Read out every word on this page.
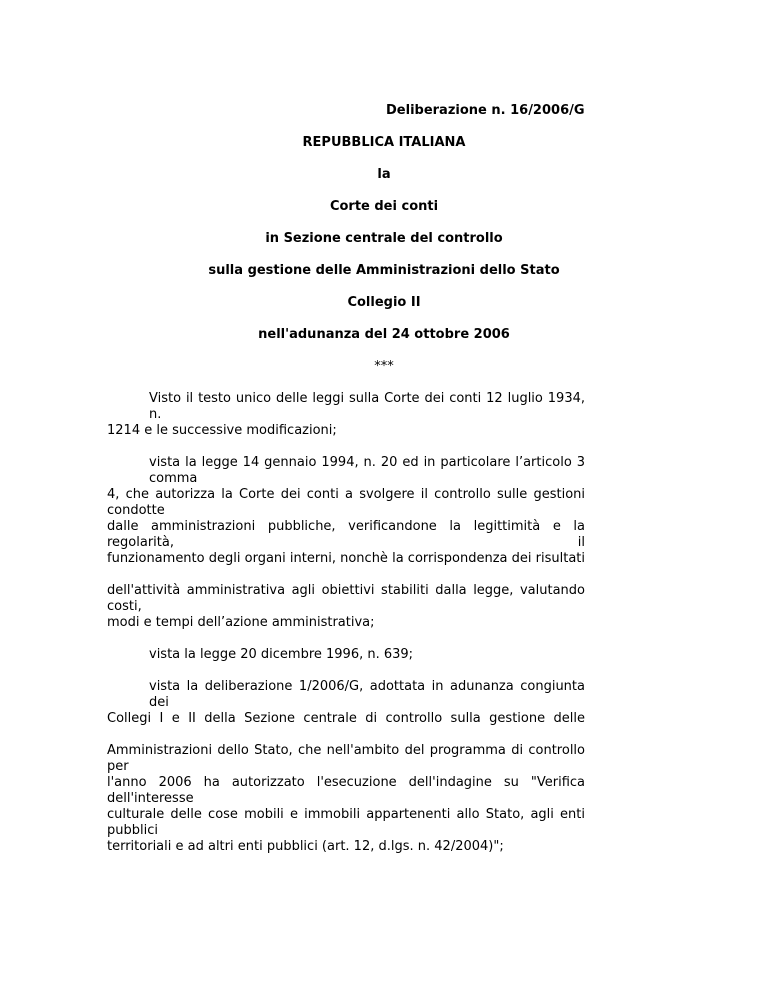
Deliberazione n. 16/2006/G
REPUBBLICA ITALIANA
la
Corte dei conti
in Sezione centrale del controllo
sulla gestione delle Amministrazioni dello Stato
Collegio II
nell'adunanza del 24 ottobre 2006
***
Visto il testo unico delle leggi sulla Corte dei conti 12 luglio 1934, n.
1214 e le successive modificazioni;
vista la legge 14 gennaio 1994, n. 20 ed in particolare l’articolo 3 comma
4, che autorizza la Corte dei conti a svolgere il controllo sulle gestioni condotte
dalle amministrazioni pubbliche, verificandone la legittimità e la regolarità, il
funzionamento degli organi interni, nonchè la corrispondenza dei risultati
dell'attività amministrativa agli obiettivi stabiliti dalla legge, valutando costi,
modi e tempi dell’azione amministrativa;
vista la legge 20 dicembre 1996, n. 639;
vista la deliberazione 1/2006/G, adottata in adunanza congiunta dei
Collegi I e II della Sezione centrale di controllo sulla gestione delle
Amministrazioni dello Stato, che nell'ambito del programma di controllo per
l'anno 2006 ha autorizzato l'esecuzione dell'indagine su "Verifica dell'interesse
culturale delle cose mobili e immobili appartenenti allo Stato, agli enti pubblici
territoriali e ad altri enti pubblici (art. 12, d.lgs. n. 42/2004)";
